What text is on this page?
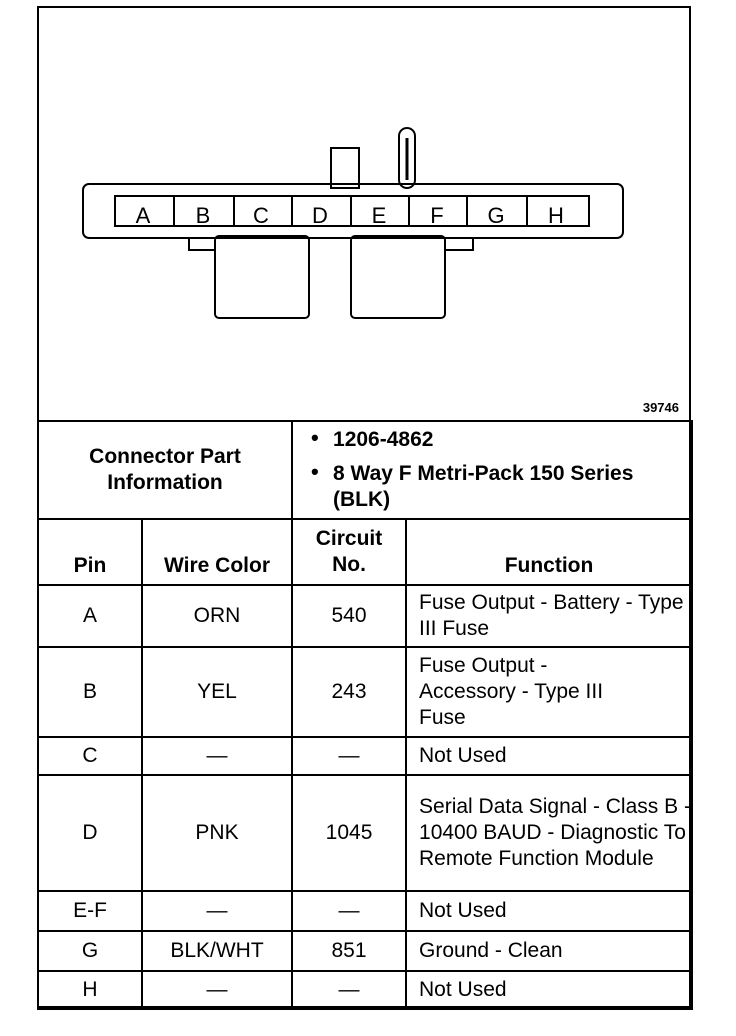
A	B	C	D	E	F	G	H
39746
Connector Part Information		• 1206-4862
• 8 Way F Metri-Pack 150 Series (BLK)	

Pin	Wire Color	Circuit No.	Function
A	ORN	540	Fuse Output - Battery - Type III Fuse
B	YEL	243	Fuse Output - Accessory - Type III Fuse
C	—	—	Not Used
D	PNK	1045	Serial Data Signal - Class B - 10400 BAUD - Diagnostic To Remote Function Module
E-F	—	—	Not Used
G	BLK/WHT	851	Ground - Clean
H	—	—	Not Used
